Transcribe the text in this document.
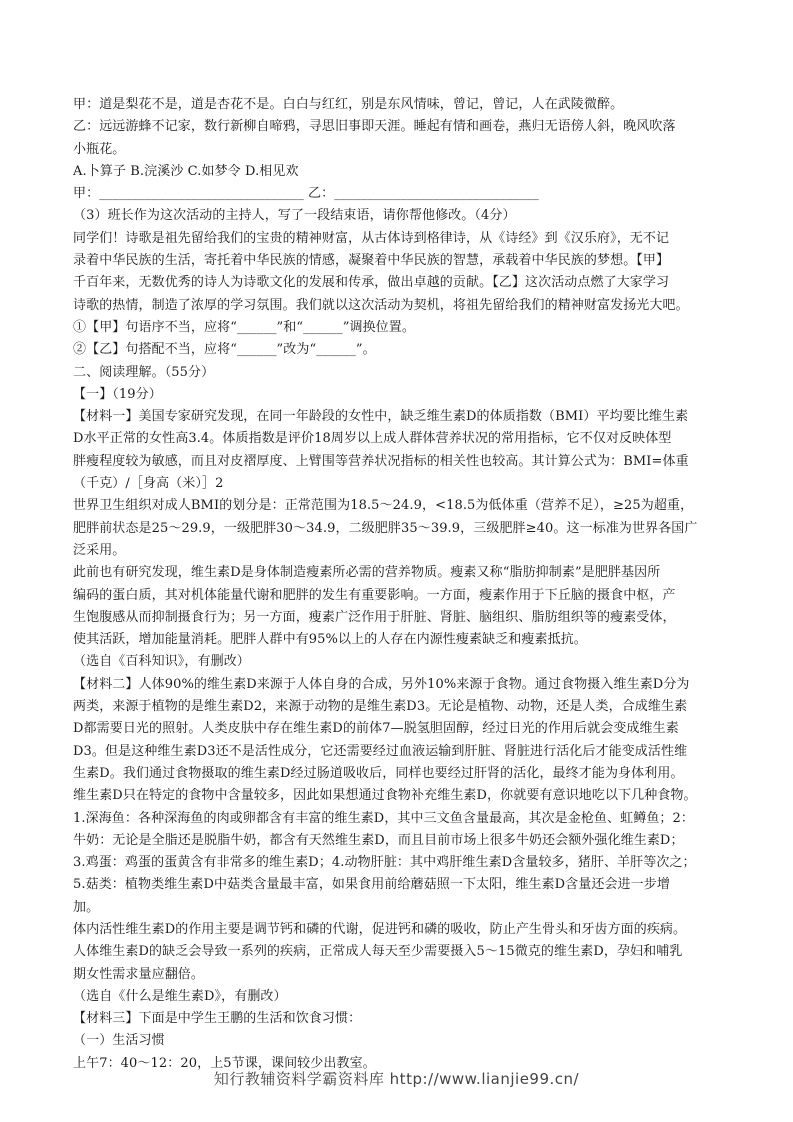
甲：道是梨花不是，道是杏花不是。白白与红红，别是东风情味，曾记，曾记，人在武陵微醉。
乙：远远游蜂不记家，数行新柳自啼鸦，寻思旧事即天涯。睡起有情和画卷，燕归无语傍人斜，晚风吹落
小瓶花。
A.卜算子 B.浣溪沙 C.如梦令 D.相见欢
甲：_______________________________ 乙：_______________________________
（3）班长作为这次活动的主持人，写了一段结束语，请你帮他修改。（4分）
同学们！诗歌是祖先留给我们的宝贵的精神财富，从古体诗到格律诗，从《诗经》到《汉乐府》，无不记
录着中华民族的生活，寄托着中华民族的情感，凝聚着中华民族的智慧，承载着中华民族的梦想。【甲】
千百年来，无数优秀的诗人为诗歌文化的发展和传承，做出卓越的贡献。【乙】这次活动点燃了大家学习
诗歌的热情，制造了浓厚的学习氛围。我们就以这次活动为契机，将祖先留给我们的精神财富发扬光大吧。
①【甲】句语序不当，应将“______”和“______”调换位置。
②【乙】句搭配不当，应将“______”改为“______”。
二、阅读理解。（55分）
【一】（19分）
【材料一】美国专家研究发现，在同一年龄段的女性中，缺乏维生素D的体质指数（BMI）平均要比维生素
D水平正常的女性高3.4。体质指数是评价18周岁以上成人群体营养状况的常用指标，它不仅对反映体型
胖瘦程度较为敏感，而且对皮褶厚度、上臂围等营养状况指标的相关性也较高。其计算公式为：BMI=体重
（千克）/［身高（米）］2
世界卫生组织对成人BMI的划分是：正常范围为18.5～24.9，<18.5为低体重（营养不足），≥25为超重，
肥胖前状态是25～29.9，一级肥胖30～34.9，二级肥胖35～39.9，三级肥胖≥40。这一标准为世界各国广
泛采用。
此前也有研究发现，维生素D是身体制造瘦素所必需的营养物质。瘦素又称“脂肪抑制素”是肥胖基因所
编码的蛋白质，其对机体能量代谢和肥胖的发生有重要影响。一方面，瘦素作用于下丘脑的摄食中枢，产
生饱腹感从而抑制摄食行为；另一方面，瘦素广泛作用于肝脏、肾脏、脑组织、脂肪组织等的瘦素受体，
使其活跃，增加能量消耗。肥胖人群中有95%以上的人存在内源性瘦素缺乏和瘦素抵抗。
（选自《百科知识》，有删改）
【材料二】人体90%的维生素D来源于人体自身的合成，另外10%来源于食物。通过食物摄入维生素D分为
两类，来源于植物的是维生素D2，来源于动物的是维生素D3。无论是植物、动物，还是人类，合成维生素
D都需要日光的照射。人类皮肤中存在维生素D的前体7—脱氢胆固醇，经过日光的作用后就会变成维生素
D3。但是这种维生素D3还不是活性成分，它还需要经过血液运输到肝脏、肾脏进行活化后才能变成活性维
生素D。我们通过食物摄取的维生素D经过肠道吸收后，同样也要经过肝肾的活化，最终才能为身体利用。
维生素D只在特定的食物中含量较多，因此如果想通过食物补充维生素D，你就要有意识地吃以下几种食物。
1.深海鱼：各种深海鱼的肉或卵都含有丰富的维生素D，其中三文鱼含量最高，其次是金枪鱼、虹鳟鱼；2：
牛奶：无论是全脂还是脱脂牛奶，都含有天然维生素D，而且目前市场上很多牛奶还会额外强化维生素D；
3.鸡蛋：鸡蛋的蛋黄含有非常多的维生素D；4.动物肝脏：其中鸡肝维生素D含量较多，猪肝、羊肝等次之；
5.菇类：植物类维生素D中菇类含量最丰富，如果食用前给蘑菇照一下太阳，维生素D含量还会进一步增
加。
体内活性维生素D的作用主要是调节钙和磷的代谢，促进钙和磷的吸收，防止产生骨头和牙齿方面的疾病。
人体维生素D的缺乏会导致一系列的疾病，正常成人每天至少需要摄入5～15微克的维生素D，孕妇和哺乳
期女性需求量应翻倍。
（选自《什么是维生素D》，有删改）
【材料三】下面是中学生王鹏的生活和饮食习惯：
（一）生活习惯
上午7：40～12：20，上5节课，课间较少出教室。
知行教辅资料学霸资料库 http://www.lianjie99.cn/
